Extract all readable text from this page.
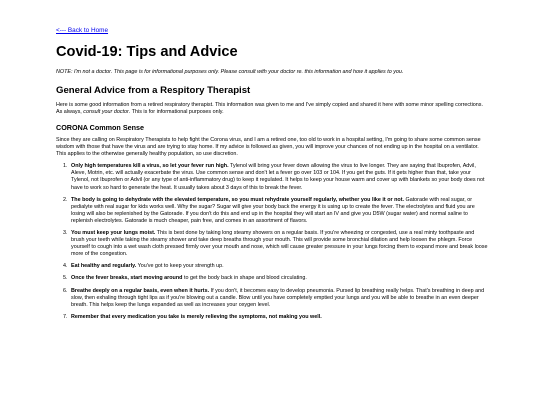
<--- Back to Home
Covid-19: Tips and Advice

NOTE: I'm not a doctor. This page is for informational purposes only. Please consult with your doctor re. this information and how it applies to you.

General Advice from a Respitory Therapist

Here is some good information from a retired respiratory therapist. This information was given to me and I've simply copied and shared it here with some minor spelling corrections. As always, consult your doctor. This is for informational purposes only.

CORONA Common Sense

Since they are calling on Respiratory Therapists to help fight the Corona virus, and I am a retired one, too old to work in a hospital setting, I'm going to share some common sense wisdom with those that have the virus and are trying to stay home. If my advice is followed as given, you will improve your chances of not ending up in the hospital on a ventilator. This applies to the otherwise generally healthy population, so use discretion.

1. Only high temperatures kill a virus, so let your fever run high. Tylenol will bring your fever down allowing the virus to live longer. They are saying that Ibuprofen, Advil, Aleve, Motrin, etc. will actually exacerbate the virus. Use common sense and don't let a fever go over 103 or 104. If you get the guts. If it gets higher than that, take your Tylenol, not Ibuprofen or Advil (or any type of anti-inflammatory drug) to keep it regulated. It helps to keep your house warm and cover up with blankets so your body does not have to work so hard to generate the heat. It usually takes about 3 days of this to break the fever.
2. The body is going to dehydrate with the elevated temperature, so you must rehydrate yourself regularly, whether you like it or not. Gatorade with real sugar, or pedialyte with real sugar for kids works well. Why the sugar? Sugar will give your body back the energy it is using up to create the fever. The electrolytes and fluid you are losing will also be replenished by the Gatorade. If you don't do this and end up in the hospital they will start an IV and give you D5W (sugar water) and normal saline to replenish electrolytes. Gatorade is much cheaper, pain free, and comes in an assortment of flavors.
3. You must keep your lungs moist. This is best done by taking long steamy showers on a regular basis. If you're wheezing or congested, use a real minty toothpaste and brush your teeth while taking the steamy shower and take deep breaths through your mouth. This will provide some bronchial dilation and help loosen the phlegm. Force yourself to cough into a wet wash cloth pressed firmly over your mouth and nose, which will cause greater pressure in your lungs forcing them to expand more and break loose more of the congestion.
4. Eat healthy and regularly. You've got to keep your strength up.
5. Once the fever breaks, start moving around to get the body back in shape and blood circulating.
6. Breathe deeply on a regular basis, even when it hurts. If you don't, it becomes easy to develop pneumonia. Pursed lip breathing really helps. That's breathing in deep and slow, then exhaling through tight lips as if you're blowing out a candle. Blow until you have completely emptied your lungs and you will be able to breathe in an even deeper breath. This helps keep the lungs expanded as well as increases your oxygen level.
7. Remember that every medication you take is merely relieving the symptoms, not making you well.
